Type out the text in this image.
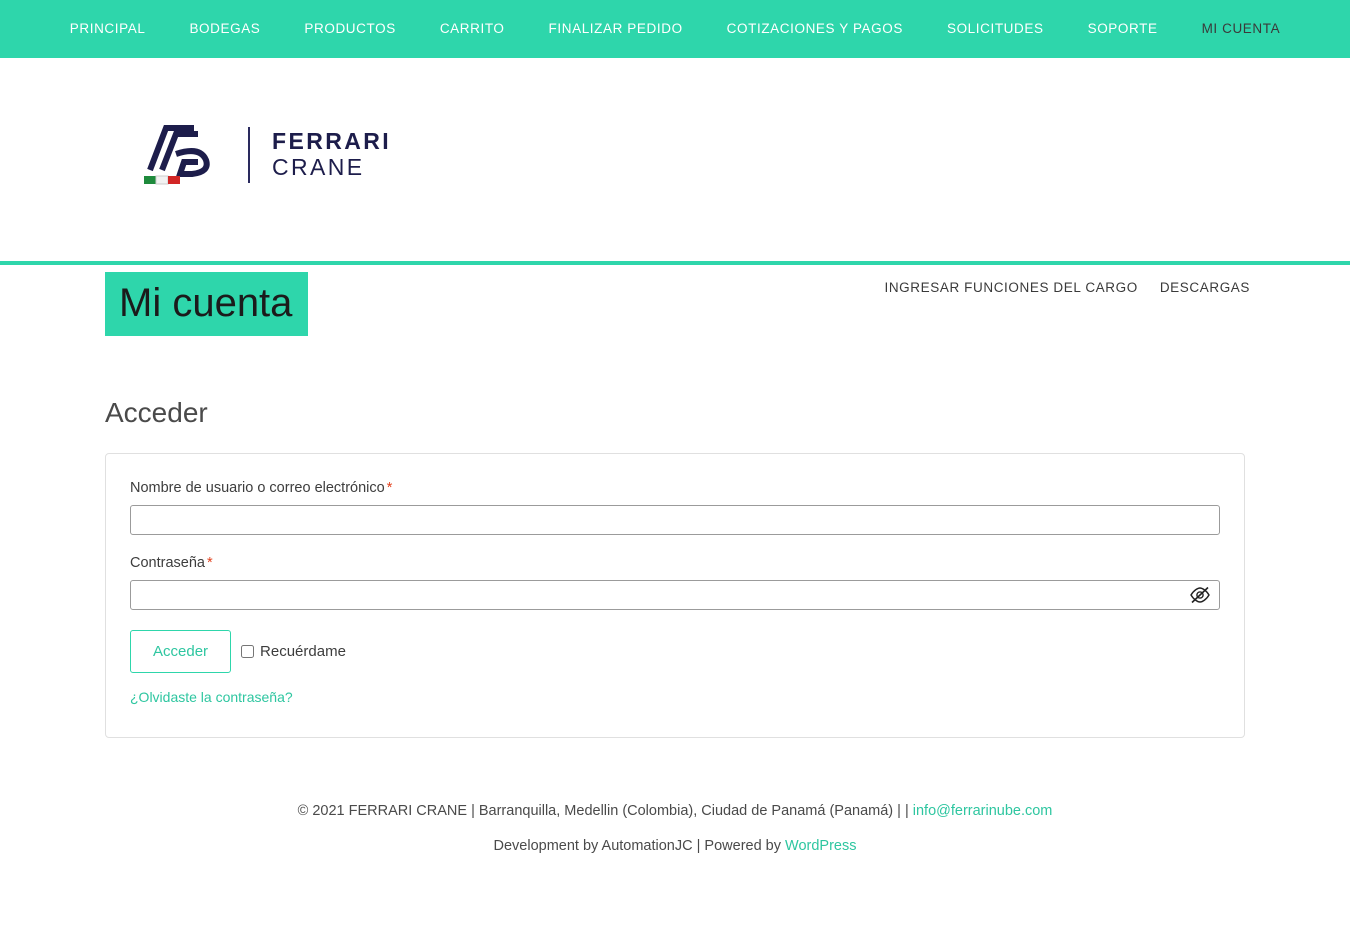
PRINCIPAL	BODEGAS	PRODUCTOS	CARRITO	FINALIZAR PEDIDO	COTIZACIONES Y PAGOS	SOLICITUDES	SOPORTE	MI CUENTA
FERRARI
CRANE
INGRESAR FUNCIONES DEL CARGO DESCARGAS
Mi cuenta
Acceder
Nombre de usuario o correo electrónico *
Contraseña *
Acceder	Recuérdame
¿Olvidaste la contraseña?
© 2021 FERRARI CRANE | Barranquilla, Medellin (Colombia), Ciudad de Panamá (Panamá) | | info@ferrarinube.com
Development by AutomationJC | Powered by WordPress
